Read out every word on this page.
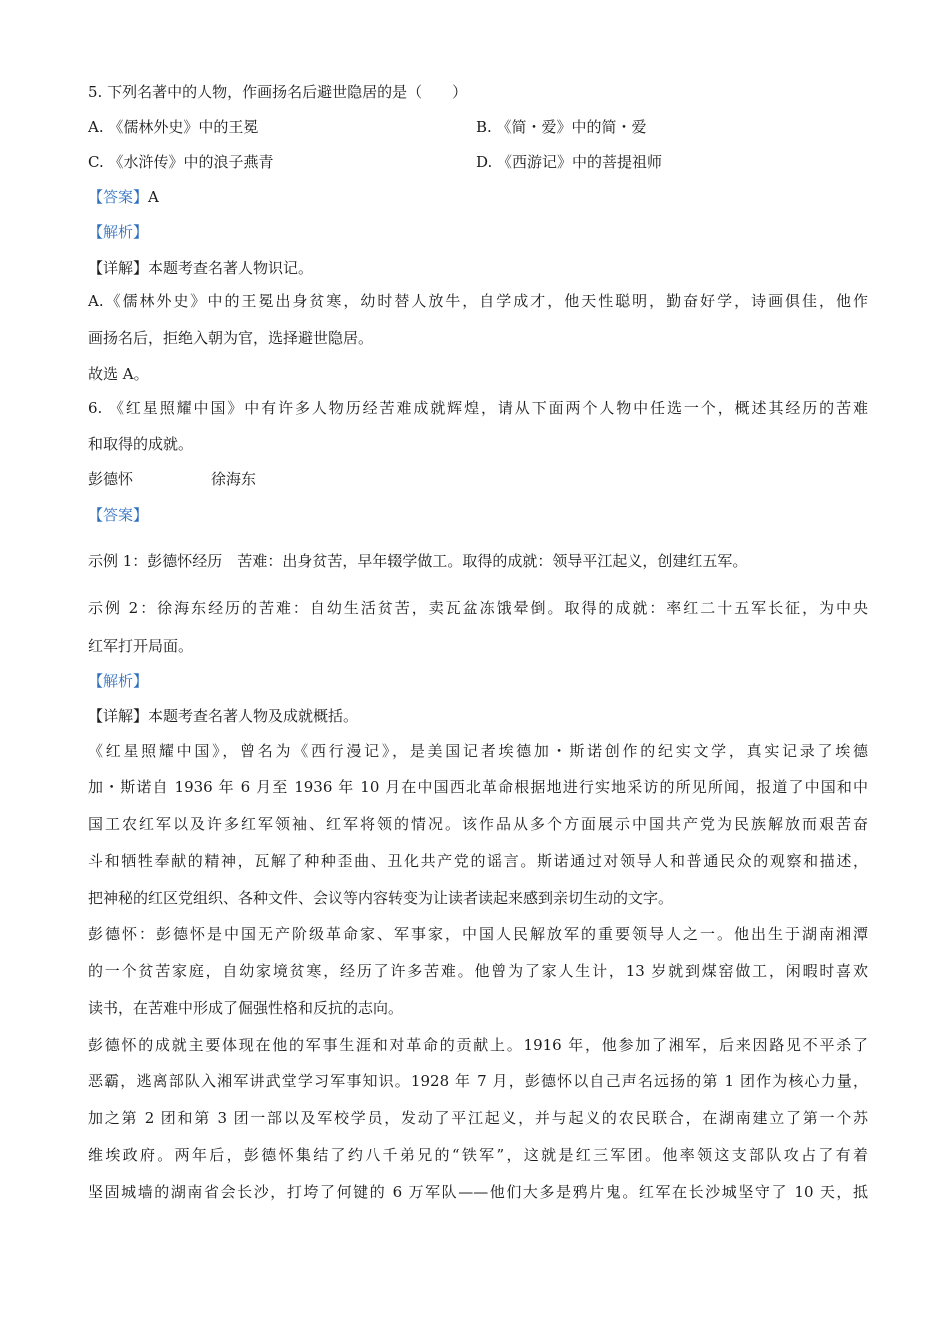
5. 下列名著中的人物，作画扬名后避世隐居的是（　　）
A. 《儒林外史》中的王冕	B. 《简・爱》中的简・爱
C. 《水浒传》中的浪子燕青	D. 《西游记》中的菩提祖师
【答案】A
【解析】
【详解】本题考查名著人物识记。
A.《儒林外史》中的王冕出身贫寒，幼时替人放牛，自学成才，他天性聪明，勤奋好学，诗画俱佳，他作
画扬名后，拒绝入朝为官，选择避世隐居。
故选 A。
6. 《红星照耀中国》中有许多人物历经苦难成就辉煌，请从下面两个人物中任选一个，概述其经历的苦难
和取得的成就。
彭德怀	徐海东
【答案】
示例 1：彭德怀经历　苦难：出身贫苦，早年辍学做工。取得的成就：领导平江起义，创建红五军。
示例 2：徐海东经历的苦难：自幼生活贫苦，卖瓦盆冻饿晕倒。取得的成就：率红二十五军长征，为中央
红军打开局面。
【解析】
【详解】本题考查名著人物及成就概括。
《红星照耀中国》，曾名为《西行漫记》，是美国记者埃德加・斯诺创作的纪实文学，真实记录了埃德
加・斯诺自 1936 年 6 月至 1936 年 10 月在中国西北革命根据地进行实地采访的所见所闻，报道了中国和中
国工农红军以及许多红军领袖、红军将领的情况。该作品从多个方面展示中国共产党为民族解放而艰苦奋
斗和牺牲奉献的精神，瓦解了种种歪曲、丑化共产党的谣言。斯诺通过对领导人和普通民众的观察和描述，
把神秘的红区党组织、各种文件、会议等内容转变为让读者读起来感到亲切生动的文字。
彭德怀：彭德怀是中国无产阶级革命家、军事家，中国人民解放军的重要领导人之一。他出生于湖南湘潭
的一个贫苦家庭，自幼家境贫寒，经历了许多苦难。他曾为了家人生计，13 岁就到煤窑做工，闲暇时喜欢
读书，在苦难中形成了倔强性格和反抗的志向。
彭德怀的成就主要体现在他的军事生涯和对革命的贡献上。1916 年，他参加了湘军，后来因路见不平杀了
恶霸，逃离部队入湘军讲武堂学习军事知识。1928 年 7 月，彭德怀以自己声名远扬的第 1 团作为核心力量，
加之第 2 团和第 3 团一部以及军校学员，发动了平江起义，并与起义的农民联合，在湖南建立了第一个苏
维埃政府。两年后，彭德怀集结了约八千弟兄的“铁军”，这就是红三军团。他率领这支部队攻占了有着
坚固城墙的湖南省会长沙，打垮了何键的 6 万军队——他们大多是鸦片鬼。红军在长沙城坚守了 10 天，抵
